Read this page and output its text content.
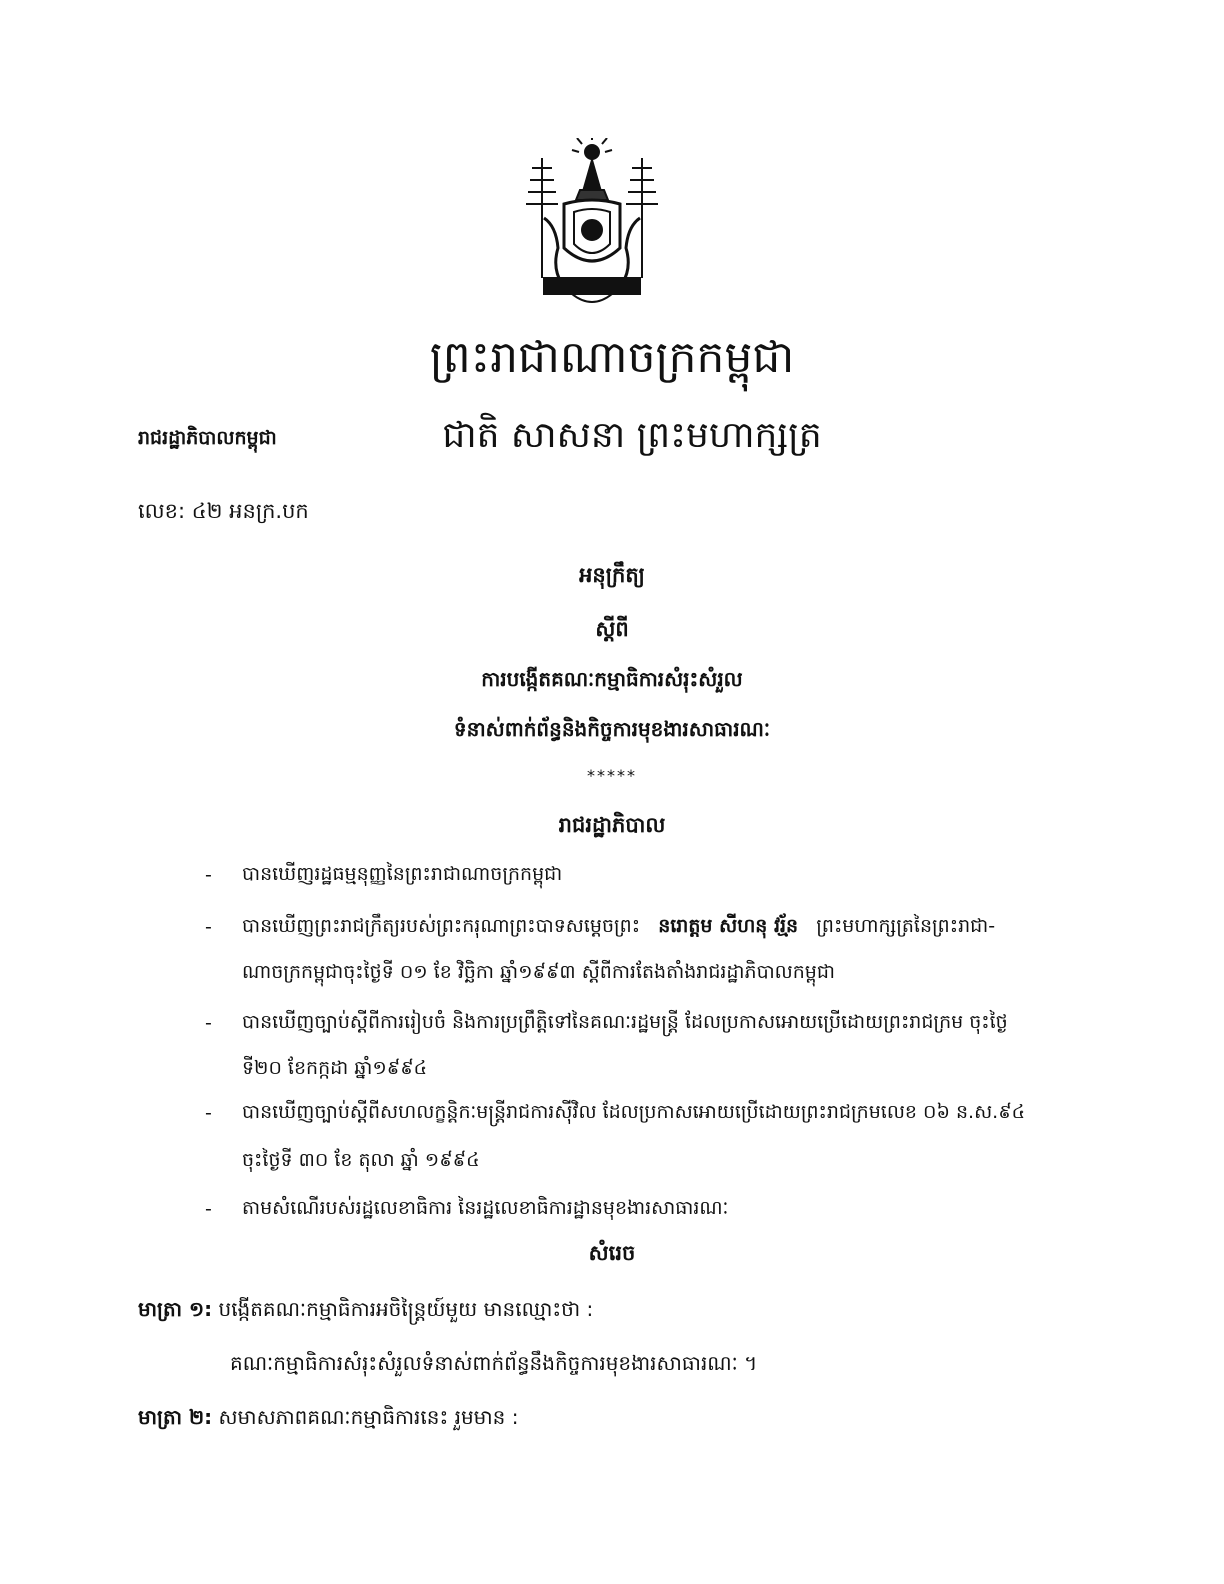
ព្រះរាជាណាចក្រកម្ពុជា
រាជរដ្ឋាភិបាលកម្ពុជា	ជាតិ សាសនា ព្រះមហាក្សត្រ
លេខ: ៤២ អនក្រ.បក
អនុក្រឹត្យ
ស្តីពី
ការបង្កើតគណៈកម្មាធិការសំរុះសំរួល
ទំនាស់ពាក់ព័ន្ធនិងកិច្ចការមុខងារសាធារណៈ
*****
រាជរដ្ឋាភិបាល
- បានឃើញរដ្ឋធម្មនុញ្ញនៃព្រះរាជាណាចក្រកម្ពុជា
- បានឃើញព្រះរាជក្រឹត្យរបស់ព្រះករុណាព្រះបាទសម្តេចព្រះ នរោត្តម សីហនុ វរ្ម័ន ព្រះមហាក្សត្រនៃព្រះរាជា-
ណាចក្រកម្ពុជាចុះថ្ងៃទី ០១ ខែ វិច្ឆិកា ឆ្នាំ១៩៩៣ ស្តីពីការតែងតាំងរាជរដ្ឋាភិបាលកម្ពុជា
- បានឃើញច្បាប់ស្តីពីការរៀបចំ និងការប្រព្រឹត្តិទៅនៃគណៈរដ្ឋមន្ត្រី ដែលប្រកាសអោយប្រើដោយព្រះរាជក្រម ចុះថ្ងៃ
ទី២០ ខែកក្កដា ឆ្នាំ១៩៩៤
- បានឃើញច្បាប់ស្តីពីសហលក្ខន្តិកៈមន្ត្រីរាជការស៊ីវិល ដែលប្រកាសអោយប្រើដោយព្រះរាជក្រមលេខ ០៦ ន.ស.៩៤
ចុះថ្ងៃទី ៣០ ខែ តុលា ឆ្នាំ ១៩៩៤
- តាមសំណើរបស់រដ្ឋលេខាធិការ នៃរដ្ឋលេខាធិការដ្ឋានមុខងារសាធារណៈ
សំរេច
មាត្រា ១: បង្កើតគណៈកម្មាធិការអចិន្ត្រៃយ៍មួយ មានឈ្មោះថា :
គណៈកម្មាធិការសំរុះសំរួលទំនាស់ពាក់ព័ន្ធនឹងកិច្ចការមុខងារសាធារណៈ ។
មាត្រា ២: សមាសភាពគណៈកម្មាធិការនេះ រួមមាន :
